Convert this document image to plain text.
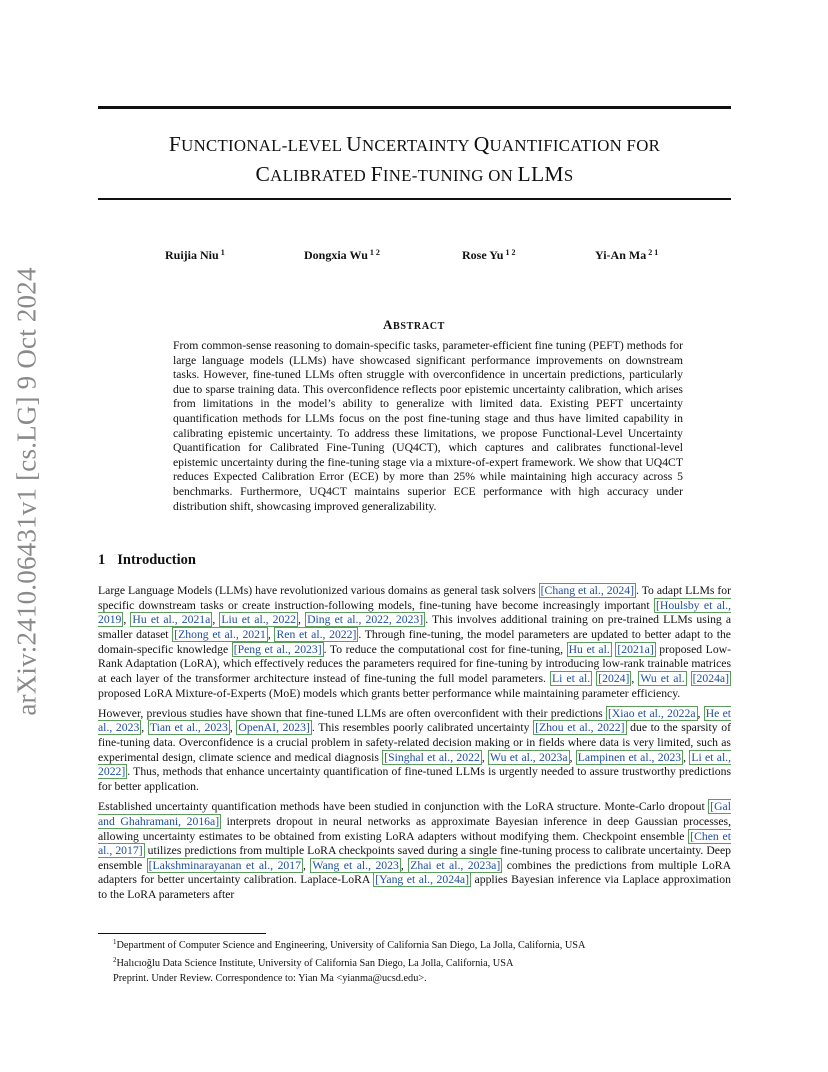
arXiv:2410.06431v1 [cs.LG] 9 Oct 2024
FUNCTIONAL-LEVEL UNCERTAINTY QUANTIFICATION FOR
CALIBRATED FINE-TUNING ON LLMS
Ruijia Niu $^1$	Dongxia Wu $^{1 2}$	Rose Yu $^{1 2}$	Yi-An Ma $^{2 1}$
ABSTRACT
From common-sense reasoning to domain-specific tasks, parameter-efficient fine tuning (PEFT) methods for large language models (LLMs) have showcased significant performance improvements on downstream tasks. However, fine-tuned LLMs often struggle with overconfidence in uncertain predictions, particularly due to sparse training data. This overconfidence reflects poor epistemic uncertainty calibration, which arises from limitations in the model’s ability to generalize with limited data. Existing PEFT uncertainty quantification methods for LLMs focus on the post fine-tuning stage and thus have limited capability in calibrating epistemic uncertainty. To address these limitations, we propose Functional-Level Uncertainty Quantification for Calibrated Fine-Tuning (UQ4CT), which captures and calibrates functional-level epistemic uncertainty during the fine-tuning stage via a mixture-of-expert framework. We show that UQ4CT reduces Expected Calibration Error (ECE) by more than 25% while maintaining high accuracy across 5 benchmarks. Furthermore, UQ4CT maintains superior ECE performance with high accuracy under distribution shift, showcasing improved generalizability.
1 Introduction

Large Language Models (LLMs) have revolutionized various domains as general task solvers [Chang et al., 2024] . To adapt LLMs for specific downstream tasks or create instruction-following models, fine-tuning have become increasingly important [Houlsby et al., 2019 , Hu et al., 2021a , Liu et al., 2022 , Ding et al., 2022, 2023] . This involves additional training on pre-trained LLMs using a smaller dataset [Zhong et al., 2021 , Ren et al., 2022] . Through fine-tuning, the model parameters are updated to better adapt to the domain-specific knowledge [Peng et al., 2023] . To reduce the computational cost for fine-tuning, Hu et al. [2021a] proposed Low-Rank Adaptation (LoRA), which effectively reduces the parameters required for fine-tuning by introducing low-rank trainable matrices at each layer of the transformer architecture instead of fine-tuning the full model parameters. Li et al. [2024] , Wu et al. [2024a] proposed LoRA Mixture-of-Experts (MoE) models which grants better performance while maintaining parameter efficiency.

However, previous studies have shown that fine-tuned LLMs are often overconfident with their predictions [Xiao et al., 2022a , He et al., 2023 , Tian et al., 2023 , OpenAI, 2023] . This resembles poorly calibrated uncertainty [Zhou et al., 2022] due to the sparsity of fine-tuning data. Overconfidence is a crucial problem in safety-related decision making or in fields where data is very limited, such as experimental design, climate science and medical diagnosis [Singhal et al., 2022 , Wu et al., 2023a , Lampinen et al., 2023 , Li et al., 2022] . Thus, methods that enhance uncertainty quantification of fine-tuned LLMs is urgently needed to assure trustworthy predictions for better application.

Established uncertainty quantification methods have been studied in conjunction with the LoRA structure. Monte-Carlo dropout [Gal and Ghahramani, 2016a] interprets dropout in neural networks as approximate Bayesian inference in deep Gaussian processes, allowing uncertainty estimates to be obtained from existing LoRA adapters without modifying them. Checkpoint ensemble [Chen et al., 2017] utilizes predictions from multiple LoRA checkpoints saved during a single fine-tuning process to calibrate uncertainty. Deep ensemble [Lakshminarayanan et al., 2017 , Wang et al., 2023 , Zhai et al., 2023a] combines the predictions from multiple LoRA adapters for better uncertainty calibration. Laplace-LoRA [Yang et al., 2024a] applies Bayesian inference via Laplace approximation to the LoRA parameters after

$^1$Department of Computer Science and Engineering, University of California San Diego, La Jolla, California, USA
$^2$Halıcıoğlu Data Science Institute, University of California San Diego, La Jolla, California, USA
Preprint. Under Review. Correspondence to: Yian Ma <yianma@ucsd.edu>.
